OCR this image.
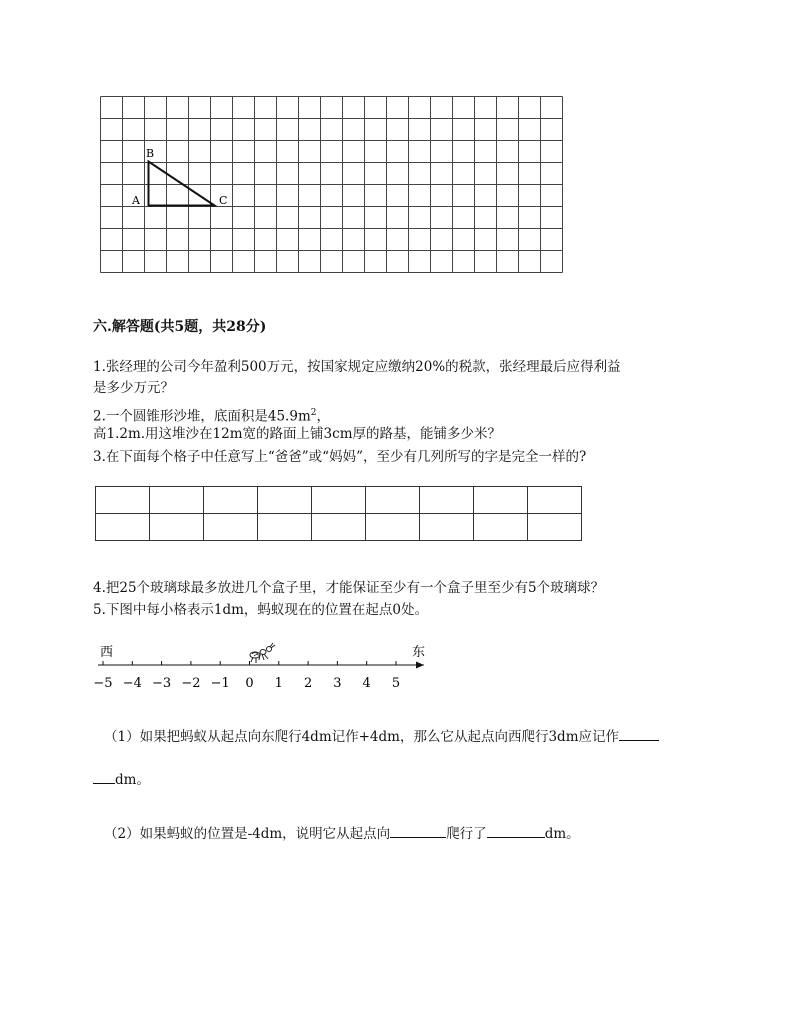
B
A	C
六.解答题(共5题，共28分)
1.张经理的公司今年盈利500万元，按国家规定应缴纳20%的税款，张经理最后应得利益
是多少万元？
2.一个圆锥形沙堆，底面积是$45.9m^2$，
高1.2m.用这堆沙在12m宽的路面上铺3cm厚的路基，能铺多少米？
3.在下面每个格子中任意写上“爸爸”或“妈妈”，至少有几列所写的字是完全一样的?

4.把25个玻璃球最多放进几个盒子里，才能保证至少有一个盒子里至少有5个玻璃球？
5.下图中每小格表示1dm，蚂蚁现在的位置在起点0处。
西	东
−5 −4 −3 −2 −1 0 1 2 3 4 5
（1）如果把蚂蚁从起点向东爬行4dm记作+4dm，那么它从起点向西爬行3dm应记作
dm。
（2）如果蚂蚁的位置是-4dm，说明它从起点向	爬行了	dm。
